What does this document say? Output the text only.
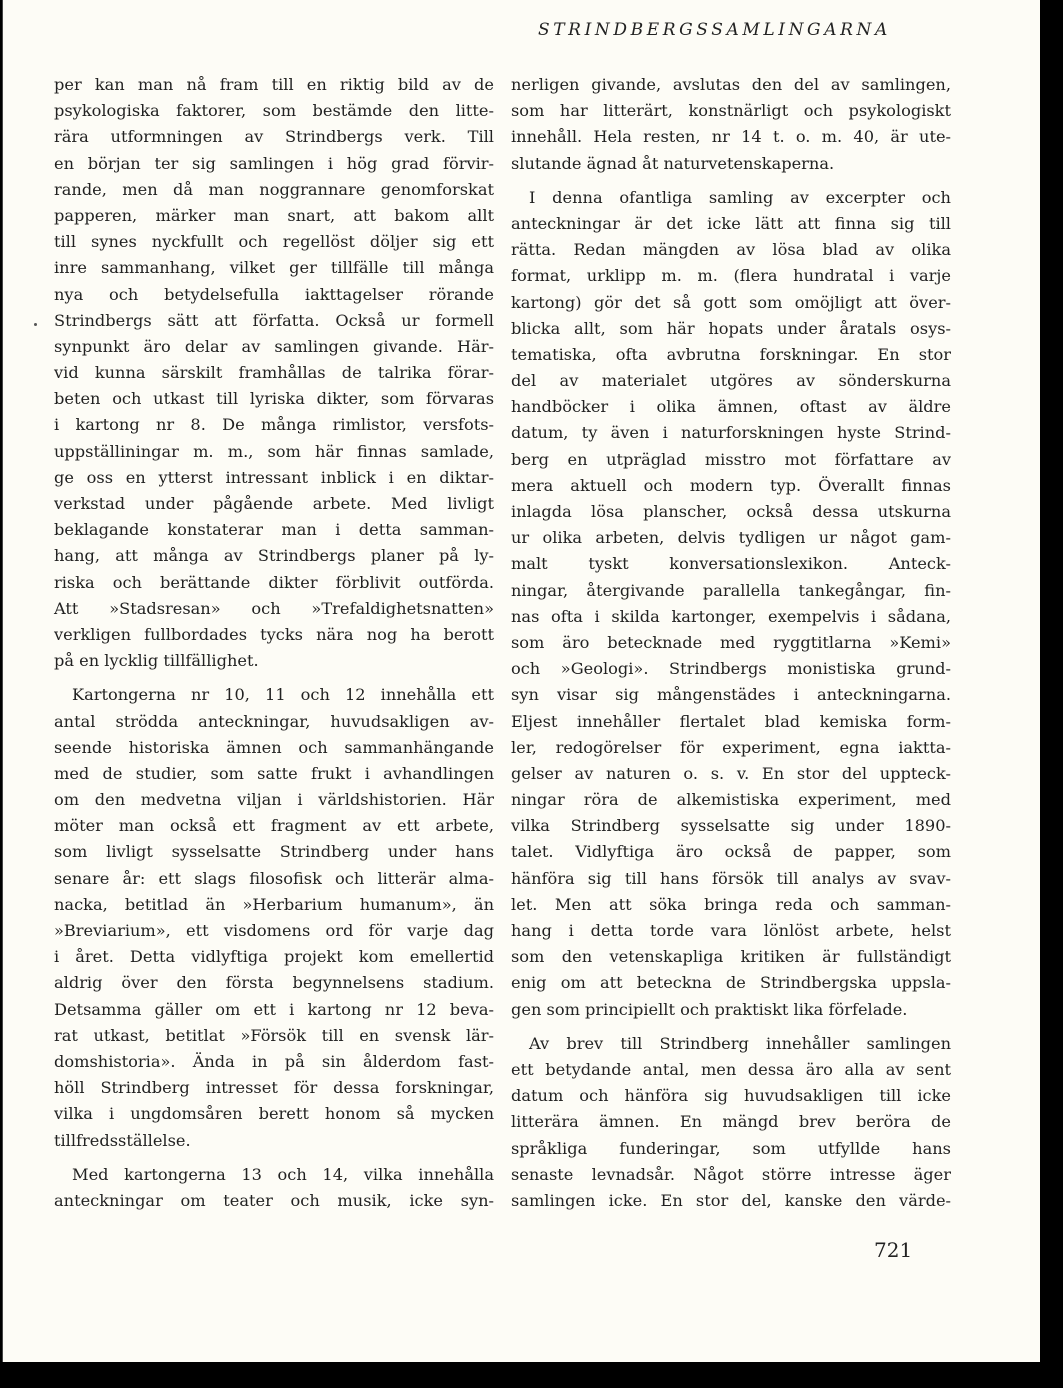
STRINDBERGSSAMLINGARNA

per kan man nå fram till en riktig bild av de
psykologiska faktorer, som bestämde den litte-
rära utformningen av Strindbergs verk. Till
en början ter sig samlingen i hög grad förvir-
rande, men då man noggrannare genomforskat
papperen, märker man snart, att bakom allt
till synes nyckfullt och regellöst döljer sig ett
inre sammanhang, vilket ger tillfälle till många
nya och betydelsefulla iakttagelser rörande
Strindbergs sätt att författa. Också ur formell
synpunkt äro delar av samlingen givande. Här-
vid kunna särskilt framhållas de talrika förar-
beten och utkast till lyriska dikter, som förvaras
i kartong nr 8. De många rimlistor, versfots-
uppställiningar m. m., som här finnas samlade,
ge oss en ytterst intressant inblick i en diktar-
verkstad under pågående arbete. Med livligt
beklagande konstaterar man i detta samman-
hang, att många av Strindbergs planer på ly-
riska och berättande dikter förblivit outförda.
Att »Stadsresan» och »Trefaldighetsnatten»
verkligen fullbordades tycks nära nog ha berott
på en lycklig tillfällighet.

Kartongerna nr 10, 11 och 12 innehålla ett
antal strödda anteckningar, huvudsakligen av-
seende historiska ämnen och sammanhängande
med de studier, som satte frukt i avhandlingen
om den medvetna viljan i världshistorien. Här
möter man också ett fragment av ett arbete,
som livligt sysselsatte Strindberg under hans
senare år: ett slags filosofisk och litterär alma-
nacka, betitlad än »Herbarium humanum», än
»Breviarium», ett visdomens ord för varje dag
i året. Detta vidlyftiga projekt kom emellertid
aldrig över den första begynnelsens stadium.
Detsamma gäller om ett i kartong nr 12 beva-
rat utkast, betitlat »Försök till en svensk lär-
domshistoria». Ända in på sin ålderdom fast-
höll Strindberg intresset för dessa forskningar,
vilka i ungdomsåren berett honom så mycken
tillfredsställelse.

Med kartongerna 13 och 14, vilka innehålla
anteckningar om teater och musik, icke syn-

nerligen givande, avslutas den del av samlingen,
som har litterärt, konstnärligt och psykologiskt
innehåll. Hela resten, nr 14 t. o. m. 40, är ute-
slutande ägnad åt naturvetenskaperna.

I denna ofantliga samling av excerpter och
anteckningar är det icke lätt att finna sig till
rätta. Redan mängden av lösa blad av olika
format, urklipp m. m. (flera hundratal i varje
kartong) gör det så gott som omöjligt att över-
blicka allt, som här hopats under åratals osys-
tematiska, ofta avbrutna forskningar. En stor
del av materialet utgöres av sönderskurna
handböcker i olika ämnen, oftast av äldre
datum, ty även i naturforskningen hyste Strind-
berg en utpräglad misstro mot författare av
mera aktuell och modern typ. Överallt finnas
inlagda lösa planscher, också dessa utskurna
ur olika arbeten, delvis tydligen ur något gam-
malt tyskt konversationslexikon. Anteck-
ningar, återgivande parallella tankegångar, fin-
nas ofta i skilda kartonger, exempelvis i sådana,
som äro betecknade med ryggtitlarna »Kemi»
och »Geologi». Strindbergs monistiska grund-
syn visar sig mångenstädes i anteckningarna.
Eljest innehåller flertalet blad kemiska form-
ler, redogörelser för experiment, egna iaktta-
gelser av naturen o. s. v. En stor del uppteck-
ningar röra de alkemistiska experiment, med
vilka Strindberg sysselsatte sig under 1890-
talet. Vidlyftiga äro också de papper, som
hänföra sig till hans försök till analys av svav-
let. Men att söka bringa reda och samman-
hang i detta torde vara lönlöst arbete, helst
som den vetenskapliga kritiken är fullständigt
enig om att beteckna de Strindbergska uppsla-
gen som principiellt och praktiskt lika förfelade.

Av brev till Strindberg innehåller samlingen
ett betydande antal, men dessa äro alla av sent
datum och hänföra sig huvudsakligen till icke
litterära ämnen. En mängd brev beröra de
språkliga funderingar, som utfyllde hans
senaste levnadsår. Något större intresse äger
samlingen icke. En stor del, kanske den värde-

721
